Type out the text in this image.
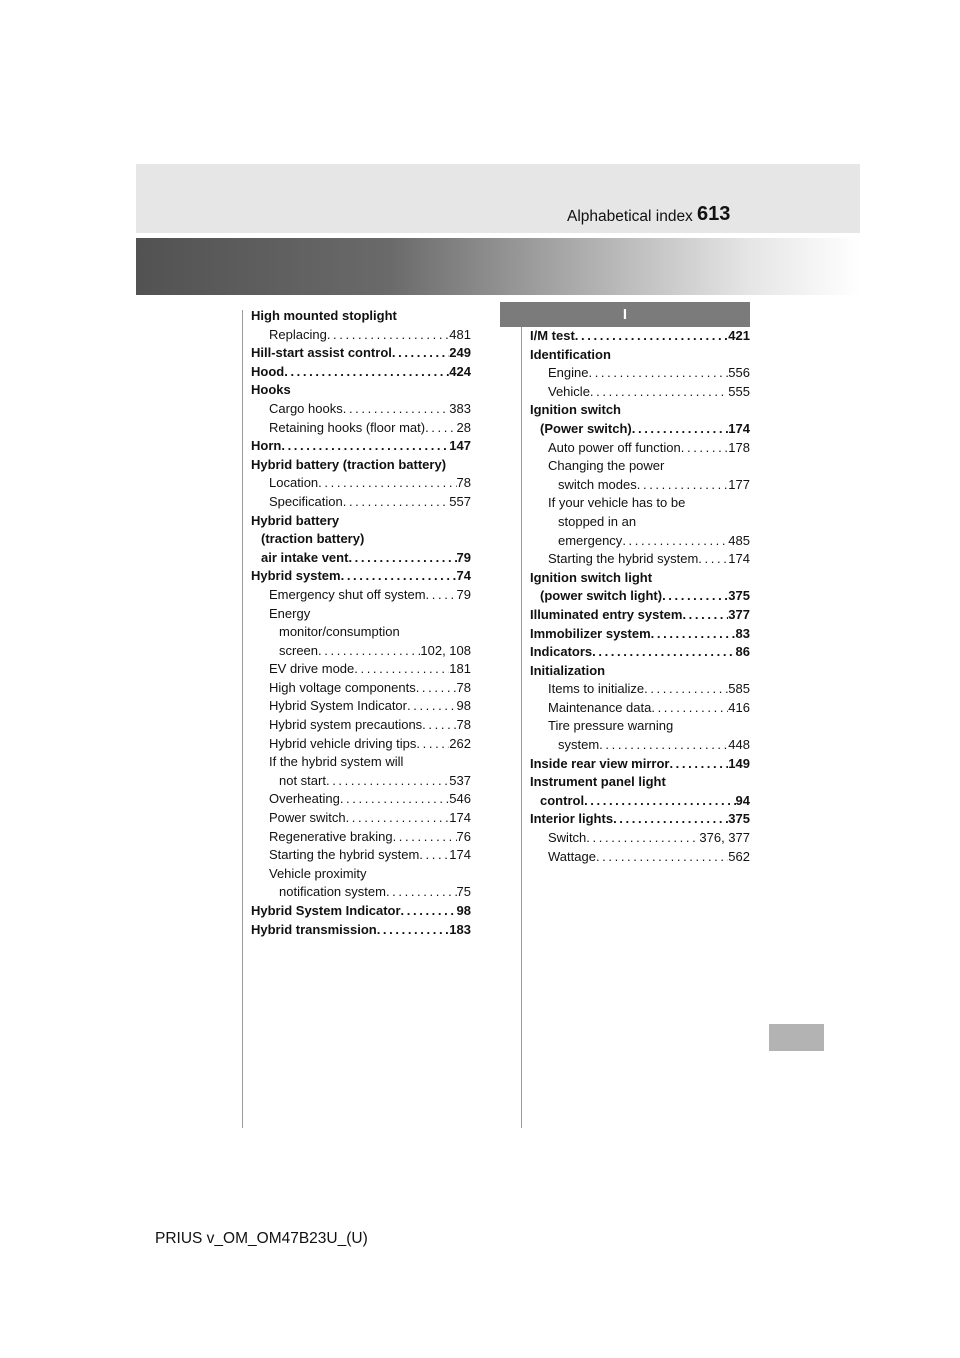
Alphabetical index 613
I
High mounted stoplight
Replacing . . .	481
Hill-start assist control . . .	249
Hood . . .	424
Hooks
Cargo hooks . . .	383
Retaining hooks (floor mat) . . . 28
Horn . . .	147
Hybrid battery (traction battery)
Location . . .	78
Specification . . .	557
Hybrid battery
(traction battery)
air intake vent . . .	79
Hybrid system . . .	74
Emergency shut off system . . . 79
Energy
monitor/consumption
screen . . .	102, 108
EV drive mode . . .	181
High voltage components . . .	78
Hybrid System Indicator . . .	98
Hybrid system precautions . . .	78
Hybrid vehicle driving tips . . .	262
If the hybrid system will
not start . . .	537
Overheating . . .	546
Power switch . . .	174
Regenerative braking . . .	76
Starting the hybrid system . . . 174
Vehicle proximity
notification system . . .	75
Hybrid System Indicator . . .	98
Hybrid transmission . . .	183
I/M test . . .	421
Identification
Engine . . .	556
Vehicle . . .	555
Ignition switch
(Power switch) . . .	174
Auto power off function . . .	178
Changing the power
switch modes . . .	177
If your vehicle has to be
stopped in an
emergency . . .	485
Starting the hybrid system . . . 174
Ignition switch light
(power switch light) . . .	375
Illuminated entry system . . .	377
Immobilizer system . . .	83
Indicators . . .	86
Initialization
Items to initialize . . .	585
Maintenance data . . .	416
Tire pressure warning
system . . .	448
Inside rear view mirror . . .	149
Instrument panel light
control . . .	94
Interior lights . . .	375
Switch . . .	376, 377
Wattage . . .	562
PRIUS v_OM_OM47B23U_(U)
